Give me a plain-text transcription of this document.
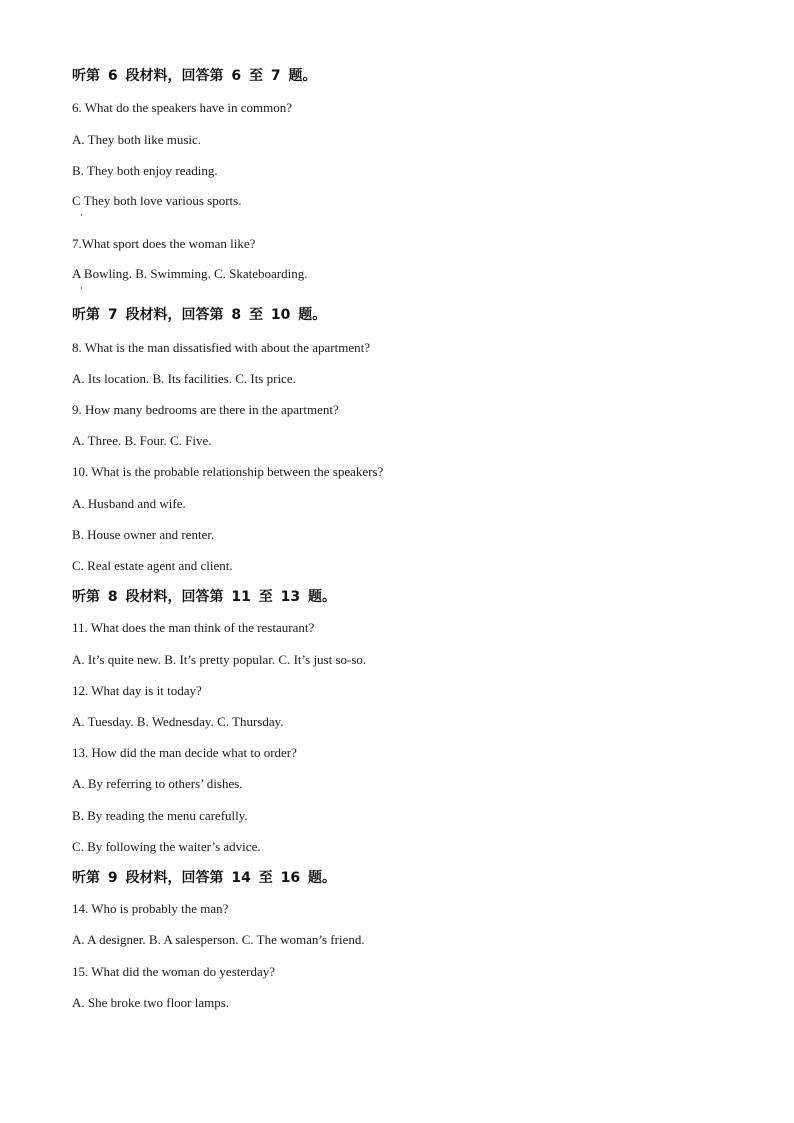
听第 6 段材料，回答第 6 至 7 题。
6. What do the speakers have in common?
A. They both like music.
B. They both enjoy reading.
C They both love various sports.
7.What sport does the woman like?
A Bowling. B. Swimming. C. Skateboarding.
听第 7 段材料，回答第 8 至 10 题。
8. What is the man dissatisfied with about the apartment?
A. Its location. B. Its facilities. C. Its price.
9. How many bedrooms are there in the apartment?
A. Three. B. Four. C. Five.
10. What is the probable relationship between the speakers?
A. Husband and wife.
B. House owner and renter.
C. Real estate agent and client.
听第 8 段材料，回答第 11 至 13 题。
11. What does the man think of the restaurant?
A. It’s quite new. B. It’s pretty popular. C. It’s just so-so.
12. What day is it today?
A. Tuesday. B. Wednesday. C. Thursday.
13. How did the man decide what to order?
A. By referring to others’ dishes.
B. By reading the menu carefully.
C. By following the waiter’s advice.
听第 9 段材料，回答第 14 至 16 题。
14. Who is probably the man?
A. A designer. B. A salesperson. C. The woman’s friend.
15. What did the woman do yesterday?
A. She broke two floor lamps.
